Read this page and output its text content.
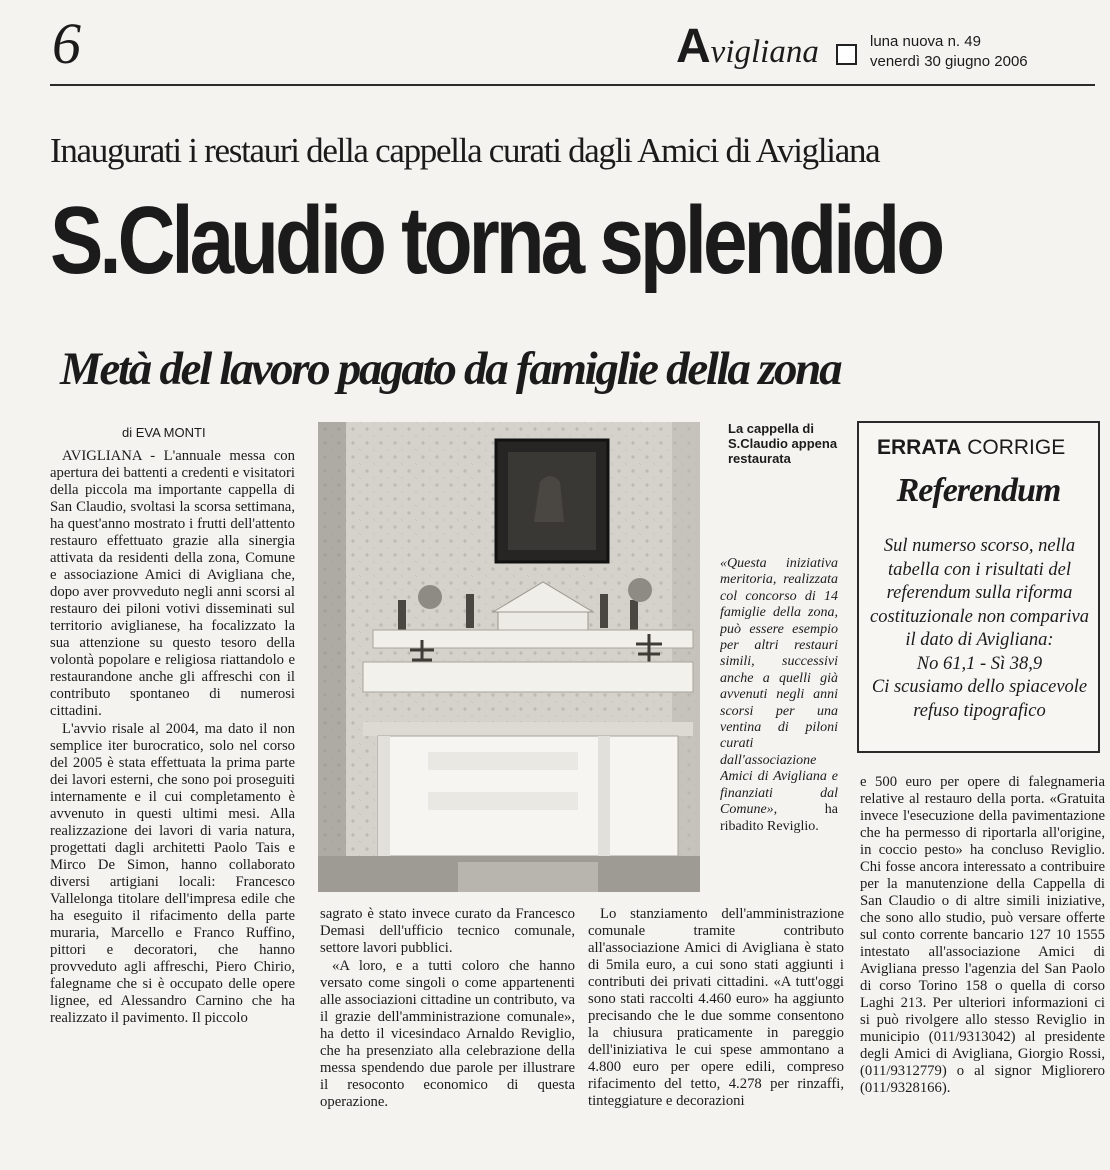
6	Avigliana	luna nuova n. 49
venerdì 30 giugno 2006
Inaugurati i restauri della cappella curati dagli Amici di Avigliana
S.Claudio torna splendido
Metà del lavoro pagato da famiglie della zona
di EVA MONTI

AVIGLIANA - L'annuale messa con apertura dei battenti a credenti e visitatori della piccola ma importante cappella di San Claudio, svoltasi la scorsa settimana, ha quest'anno mostrato i frutti dell'attento restauro effettuato grazie alla sinergia attivata da residenti della zona, Comune e associazione Amici di Avigliana che, dopo aver provveduto negli anni scorsi al restauro dei piloni votivi disseminati sul territorio aviglianese, ha focalizzato la sua attenzione su questo tesoro della volontà popolare e religiosa riattandolo e restaurandone anche gli affreschi con il contributo spontaneo di numerosi cittadini.

L'avvio risale al 2004, ma dato il non semplice iter burocratico, solo nel corso del 2005 è stata effettuata la prima parte dei lavori esterni, che sono poi proseguiti internamente e il cui completamento è avvenuto in questi ultimi mesi. Alla realizzazione dei lavori di varia natura, progettati dagli architetti Paolo Tais e Mirco De Simon, hanno collaborato diversi artigiani locali: Francesco Vallelonga titolare dell'impresa edile che ha eseguito il rifacimento della parte muraria, Marcello e Franco Ruffino, pittori e decoratori, che hanno provveduto agli affreschi, Piero Chirio, falegname che si è occupato delle opere lignee, ed Alessandro Carnino che ha realizzato il pavimento. Il piccolo

La cappella di S.Claudio appena restaurata
«Questa iniziativa meritoria, realizzata col concorso di 14 famiglie della zona, può essere esempio per altri restauri simili, successivi anche a quelli già avvenuti negli anni scorsi per una ventina di piloni curati dall'associazione Amici di Avigliana e finanziati dal Comune»,	ha ribadito Reviglio.
ERRATA CORRIGE
Referendum
Sul numerso scorso, nella tabella con i risultati del referendum sulla riforma costituzionale non compariva il dato di Avigliana:
No 61,1 - Sì 38,9
Ci scusiamo dello spiacevole refuso tipografico

e 500 euro per opere di falegnameria relative al restauro della porta. «Gratuita invece l'esecuzione della pavimentazione che ha permesso di riportarla all'origine, in coccio pesto» ha concluso Reviglio. Chi fosse ancora interessato a contribuire per la manutenzione della Cappella di San Claudio o di altre simili iniziative, che sono allo studio, può versare offerte sul conto corrente bancario 127 10 1555 intestato all'associazione Amici di Avigliana presso l'agenzia del San Paolo di corso Torino 158 o quella di corso Laghi 213. Per ulteriori informazioni ci si può rivolgere allo stesso Reviglio in municipio (011/9313042) al presidente degli Amici di Avigliana, Giorgio Rossi, (011/9312779) o al signor Migliorero (011/9328166).

sagrato è stato invece curato da Francesco Demasi dell'ufficio tecnico comunale, settore lavori pubblici.

«A loro, e a tutti coloro che hanno versato come singoli o come appartenenti alle associazioni cittadine un contributo, va il grazie dell'amministrazione comunale», ha detto il vicesindaco Arnaldo Reviglio, che ha presenziato alla celebrazione della messa spendendo due parole per illustrare il resoconto economico di questa operazione.

Lo stanziamento dell'amministrazione comunale tramite contributo all'associazione Amici di Avigliana è stato di 5mila euro, a cui sono stati aggiunti i contributi dei privati cittadini. «A tutt'oggi sono stati raccolti 4.460 euro» ha aggiunto precisando che le due somme consentono la chiusura praticamente in pareggio dell'iniziativa le cui spese ammontano a 4.800 euro per opere edili, compreso rifacimento del tetto, 4.278 per rinzaffi, tinteggiature e decorazioni
